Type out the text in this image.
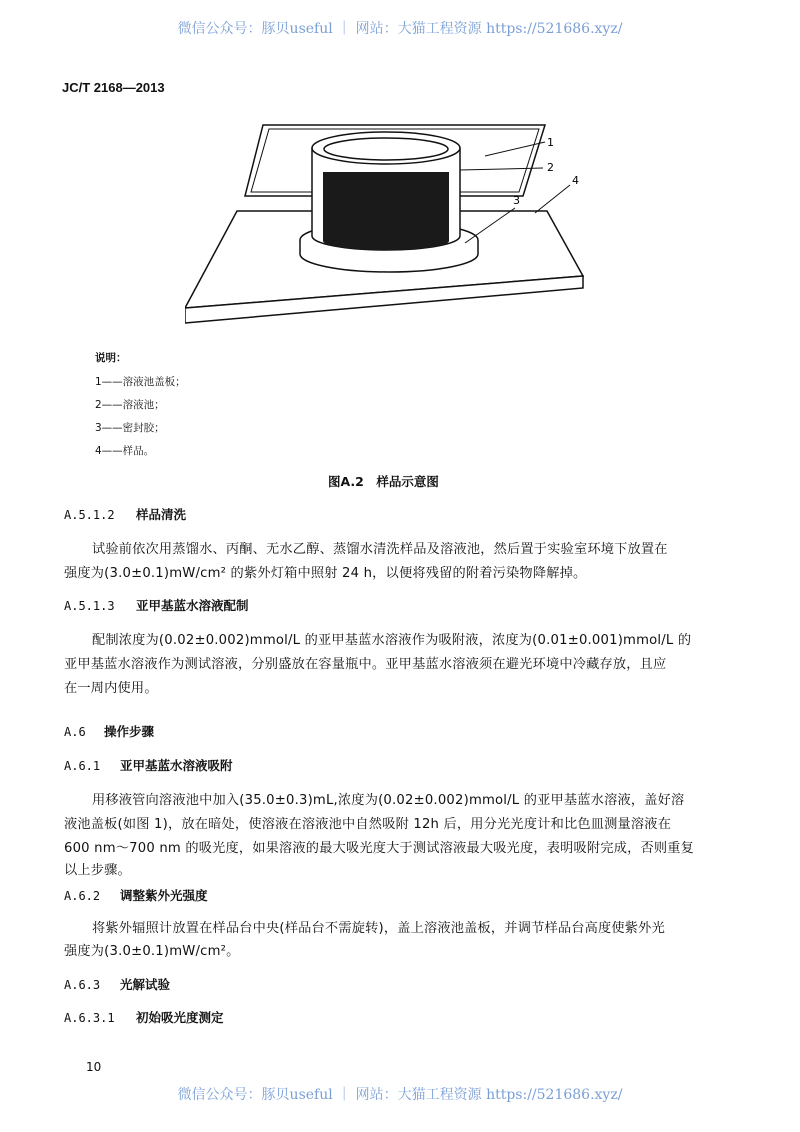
微信公众号：豚贝useful ｜ 网站：大猫工程资源 https://521686.xyz/
JC/T 2168—2013
1
2
3
4
说明：
1——溶液池盖板；
2——溶液池；
3——密封胶；
4——样品。
图A.2　样品示意图
A.5.1.2 样品清洗
试验前依次用蒸馏水、丙酮、无水乙醇、蒸馏水清洗样品及溶液池，然后置于实验室环境下放置在
强度为(3.0±0.1)mW/cm² 的紫外灯箱中照射 24 h，以便将残留的附着污染物降解掉。
A.5.1.3 亚甲基蓝水溶液配制
配制浓度为(0.02±0.002)mmol/L 的亚甲基蓝水溶液作为吸附液，浓度为(0.01±0.001)mmol/L 的
亚甲基蓝水溶液作为测试溶液，分别盛放在容量瓶中。亚甲基蓝水溶液须在避光环境中冷藏存放，且应
在一周内使用。
A.6 操作步骤
A.6.1 亚甲基蓝水溶液吸附
用移液管向溶液池中加入(35.0±0.3)mL,浓度为(0.02±0.002)mmol/L 的亚甲基蓝水溶液，盖好溶
液池盖板(如图 1)，放在暗处，使溶液在溶液池中自然吸附 12h 后，用分光光度计和比色皿测量溶液在
600 nm～700 nm 的吸光度，如果溶液的最大吸光度大于测试溶液最大吸光度，表明吸附完成，否则重复
以上步骤。
A.6.2 调整紫外光强度
将紫外辐照计放置在样品台中央(样品台不需旋转)，盖上溶液池盖板，并调节样品台高度使紫外光
强度为(3.0±0.1)mW/cm²。
A.6.3 光解试验
A.6.3.1 初始吸光度测定
10
微信公众号：豚贝useful ｜ 网站：大猫工程资源 https://521686.xyz/
